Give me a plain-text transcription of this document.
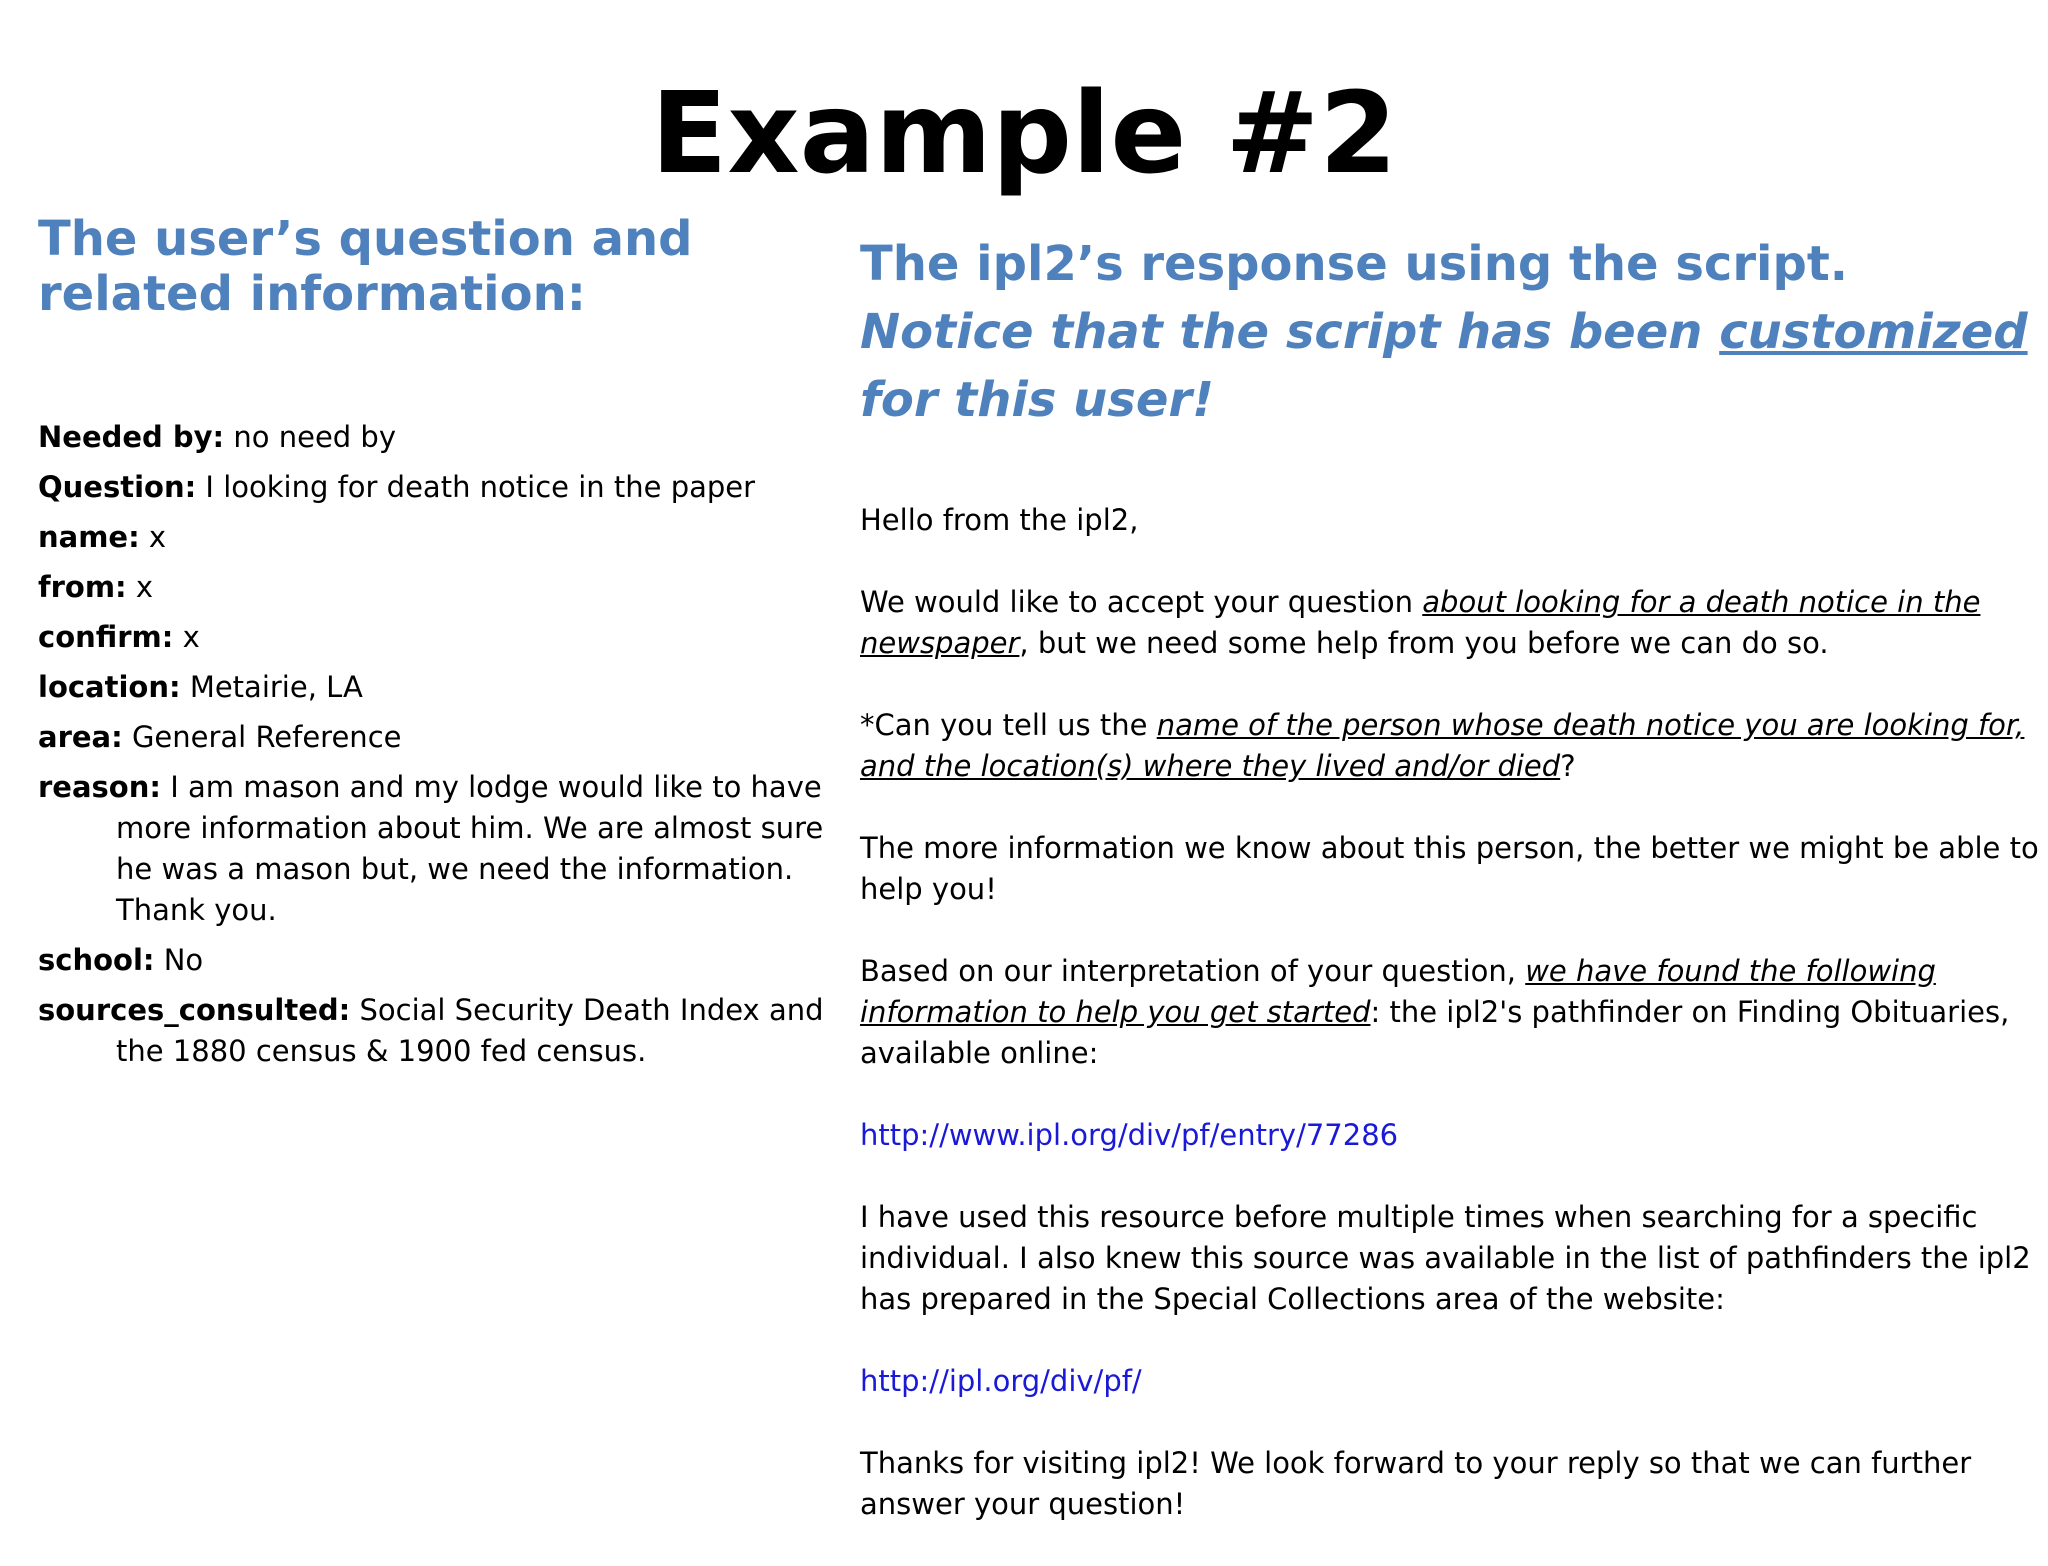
Example #2
The user’s question and related information:
Needed by: no need by
Question: I looking for death notice in the paper
name: x
from: x
confirm: x
location: Metairie, LA
area: General Reference
reason: I am mason and my lodge would like to have more information about him. We are almost sure he was a mason but, we need the information. Thank you.
school: No
sources_consulted: Social Security Death Index and the 1880 census & 1900 fed census.
The ipl2’s response using the script.  Notice that the script has been customized for this user!

Hello from the ipl2,

We would like to accept your question about looking for a death notice in the newspaper, but we need some help from you before we can do so.

*Can you tell us the name of the person whose death notice you are looking for, and the location(s) where they lived and/or died?

The more information we know about this person, the better we might be able to help you!

Based on our interpretation of your question, we have found the following information to help you get started: the ipl2's pathfinder on Finding Obituaries, available online:

http://www.ipl.org/div/pf/entry/77286

I have used this resource before multiple times when searching for a specific individual. I also knew this source was available in the list of pathfinders the ipl2 has prepared in the Special Collections area of the website:

http://ipl.org/div/pf/

Thanks for visiting ipl2! We look forward to your reply so that we can further answer your question!
